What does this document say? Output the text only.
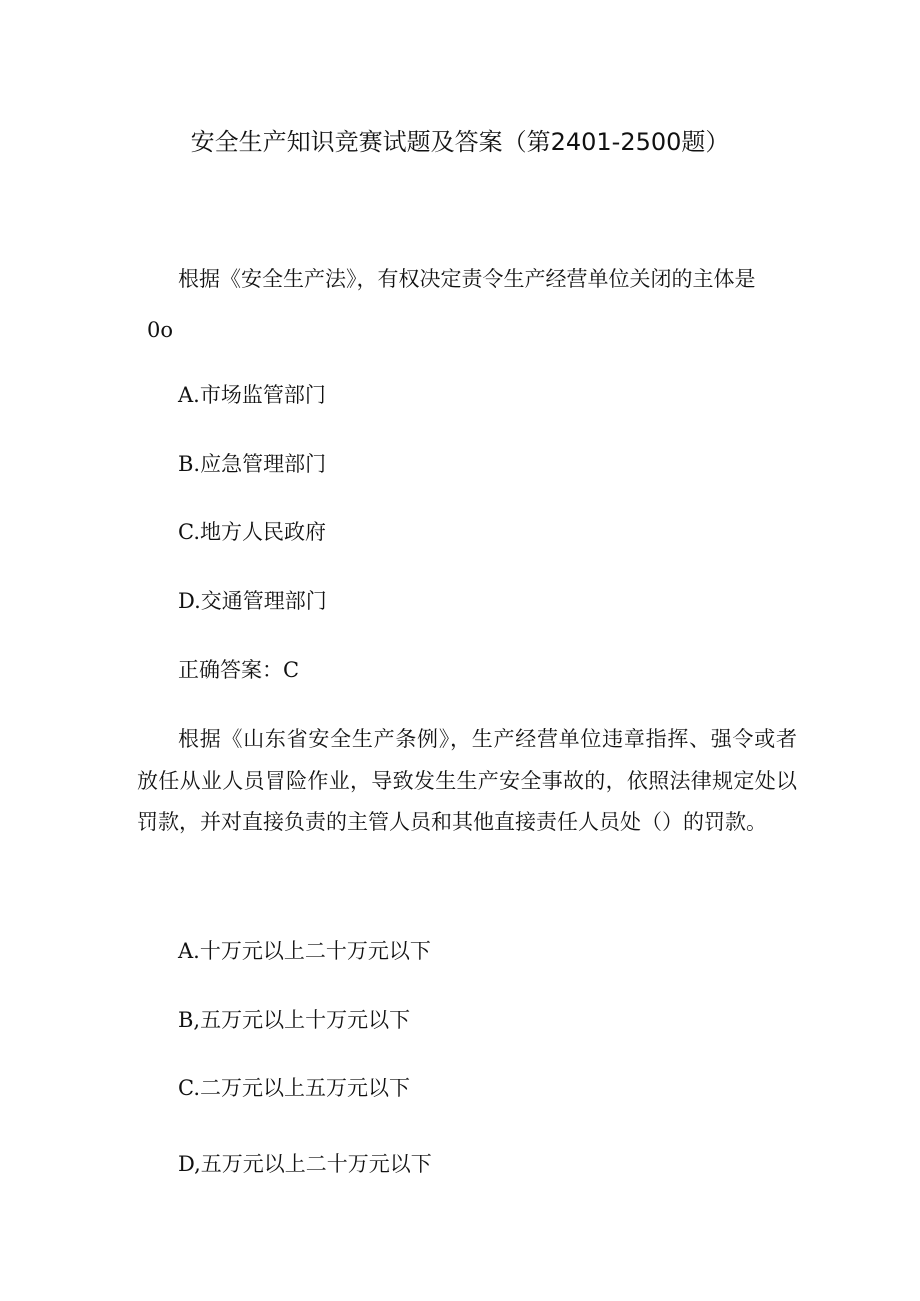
安全生产知识竞赛试题及答案（第2401-2500题）
根据《安全生产法》，有权决定责令生产经营单位关闭的主体是
0o
A.市场监管部门
B.应急管理部门
C.地方人民政府
D.交通管理部门
正确答案：C
根据《山东省安全生产条例》，生产经营单位违章指挥、强令或者放任从业人员冒险作业，导致发生生产安全事故的，依照法律规定处以罚款，并对直接负责的主管人员和其他直接责任人员处（）的罚款。
A.十万元以上二十万元以下
B,五万元以上十万元以下
C.二万元以上五万元以下
D,五万元以上二十万元以下
